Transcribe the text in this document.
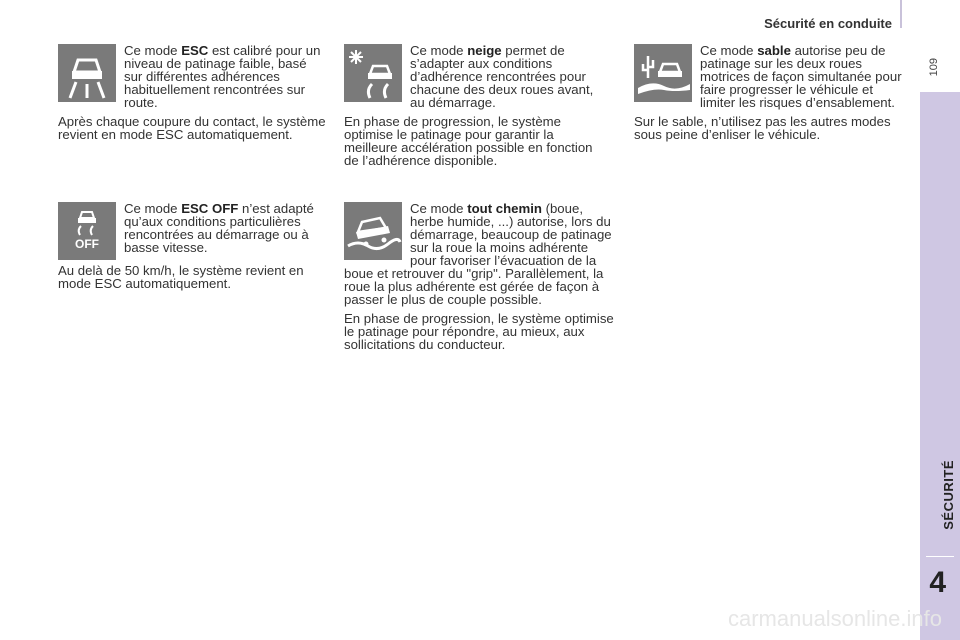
Sécurité en conduite
109
SÉCURITÉ
4

Ce mode ESC est calibré pour un niveau de patinage faible, basé sur différentes adhérences habituellement rencontrées sur route.

Après chaque coupure du contact, le système revient en mode ESC automatiquement.

Ce mode neige permet de s’adapter aux conditions d’adhérence rencontrées pour chacune des deux roues avant, au démarrage.

En phase de progression, le système optimise le patinage pour garantir la meilleure accélération possible en fonction de l’adhérence disponible.

Ce mode sable autorise peu de patinage sur les deux roues motrices de façon simultanée pour faire progresser le véhicule et limiter les risques d’ensablement.

Sur le sable, n’utilisez pas les autres modes sous peine d’enliser le véhicule.

OFF

Ce mode ESC OFF n’est adapté qu’aux conditions particulières rencontrées au démarrage ou à basse vitesse.

Au delà de 50 km/h, le système revient en mode ESC automatiquement.

Ce mode tout chemin (boue, herbe humide, ...) autorise, lors du démarrage, beaucoup de patinage sur la roue la moins adhérente pour favoriser l’évacuation de la boue et retrouver du "grip". Parallèlement, la roue la plus adhérente est gérée de façon à passer le plus de couple possible.

En phase de progression, le système optimise le patinage pour répondre, au mieux, aux sollicitations du conducteur.

carmanualsonline.info
